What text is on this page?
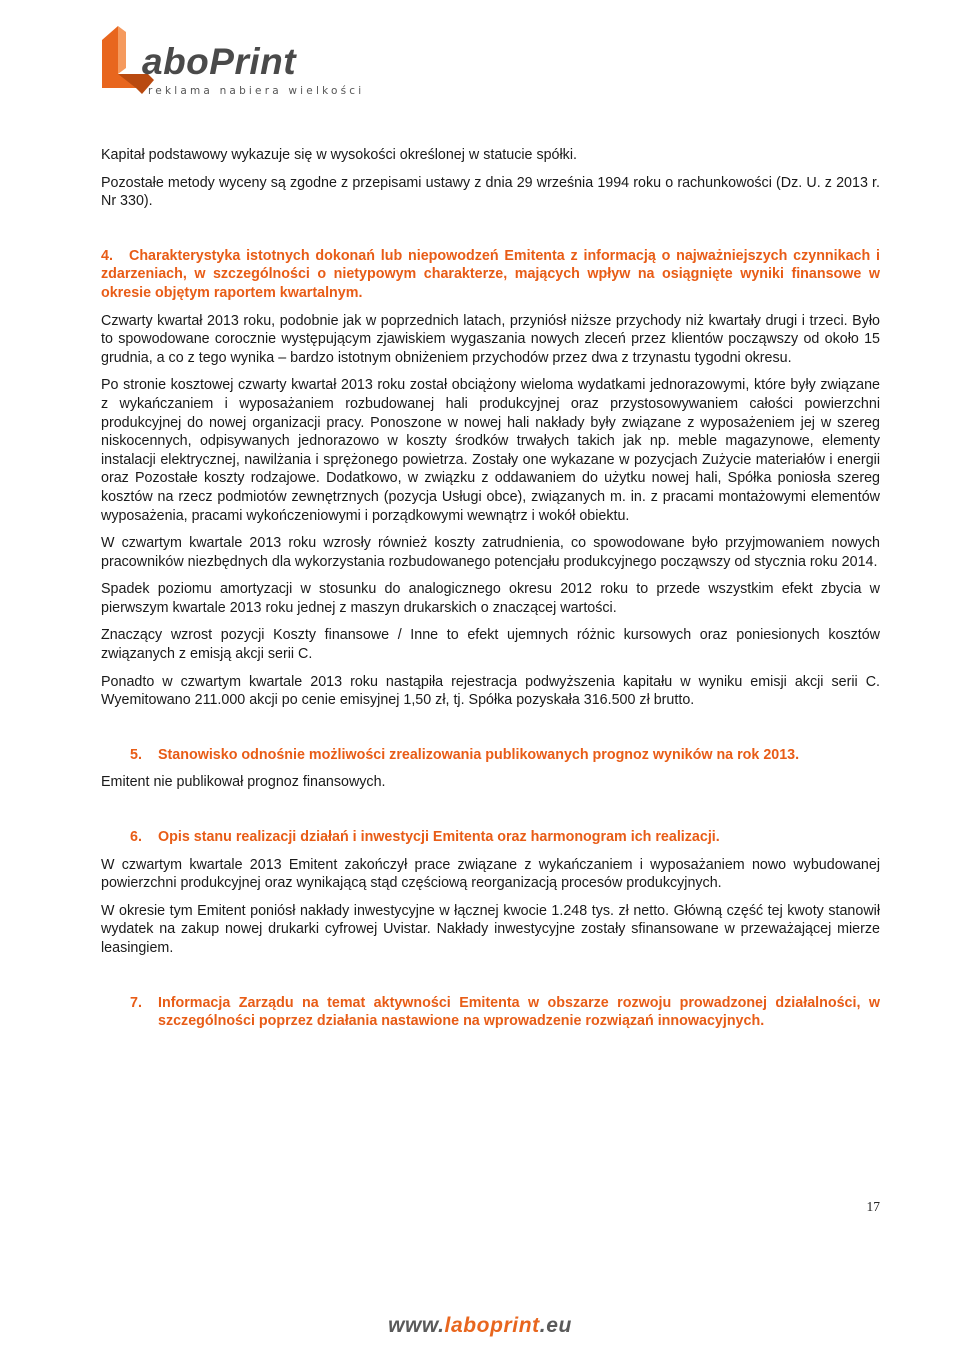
aboPrint
reklama nabiera wielkości

Kapitał podstawowy wykazuje się w wysokości określonej w statucie spółki.

Pozostałe metody wyceny są zgodne z przepisami ustawy z dnia 29 września 1994 roku o rachunkowości (Dz. U. z 2013 r. Nr 330).

4. Charakterystyka istotnych dokonań lub niepowodzeń Emitenta z informacją o najważniejszych czynnikach i zdarzeniach, w szczególności o nietypowym charakterze, mających wpływ na osiągnięte wyniki finansowe w okresie objętym raportem kwartalnym.

Czwarty kwartał 2013 roku, podobnie jak w poprzednich latach, przyniósł niższe przychody niż kwartały drugi i trzeci. Było to spowodowane corocznie występującym zjawiskiem wygaszania nowych zleceń przez klientów począwszy od około 15 grudnia, a co z tego wynika – bardzo istotnym obniżeniem przychodów przez dwa z trzynastu tygodni okresu.

Po stronie kosztowej czwarty kwartał 2013 roku został obciążony wieloma wydatkami jednorazowymi, które były związane z wykańczaniem i wyposażaniem rozbudowanej hali produkcyjnej oraz przystosowywaniem całości powierzchni produkcyjnej do nowej organizacji pracy. Ponoszone w nowej hali nakłady były związane z wyposażeniem jej w szereg niskocennych, odpisywanych jednorazowo w koszty środków trwałych takich jak np. meble magazynowe, elementy instalacji elektrycznej, nawilżania i sprężonego powietrza. Zostały one wykazane w pozycjach Zużycie materiałów i energii oraz Pozostałe koszty rodzajowe. Dodatkowo, w związku z oddawaniem do użytku nowej hali, Spółka poniosła szereg kosztów na rzecz podmiotów zewnętrznych (pozycja Usługi obce), związanych m. in. z pracami montażowymi elementów wyposażenia, pracami wykończeniowymi i porządkowymi wewnątrz i wokół obiektu.

W czwartym kwartale 2013 roku wzrosły również koszty zatrudnienia, co spowodowane było przyjmowaniem nowych pracowników niezbędnych dla wykorzystania rozbudowanego potencjału produkcyjnego począwszy od stycznia roku 2014.

Spadek poziomu amortyzacji w stosunku do analogicznego okresu 2012 roku to przede wszystkim efekt zbycia w pierwszym kwartale 2013 roku jednej z maszyn drukarskich o znaczącej wartości.

Znaczący wzrost pozycji Koszty finansowe / Inne to efekt ujemnych różnic kursowych oraz poniesionych kosztów związanych z emisją akcji serii C.

Ponadto w czwartym kwartale 2013 roku nastąpiła rejestracja podwyższenia kapitału w wyniku emisji akcji serii C. Wyemitowano 211.000 akcji po cenie emisyjnej 1,50 zł, tj. Spółka pozyskała 316.500 zł brutto.

5. Stanowisko odnośnie możliwości zrealizowania publikowanych prognoz wyników na rok 2013.

Emitent nie publikował prognoz finansowych.

6. Opis stanu realizacji działań i inwestycji Emitenta oraz harmonogram ich realizacji.

W czwartym kwartale 2013 Emitent zakończył prace związane z wykańczaniem i wyposażaniem nowo wybudowanej powierzchni produkcyjnej oraz wynikającą stąd częściową reorganizacją procesów produkcyjnych.

W okresie tym Emitent poniósł nakłady inwestycyjne w łącznej kwocie 1.248 tys. zł netto. Główną część tej kwoty stanowił wydatek na zakup nowej drukarki cyfrowej Uvistar. Nakłady inwestycyjne zostały sfinansowane w przeważającej mierze leasingiem.

7. Informacja Zarządu na temat aktywności Emitenta w obszarze rozwoju prowadzonej działalności, w szczególności poprzez działania nastawione na wprowadzenie rozwiązań innowacyjnych.

17
www.laboprint.eu
